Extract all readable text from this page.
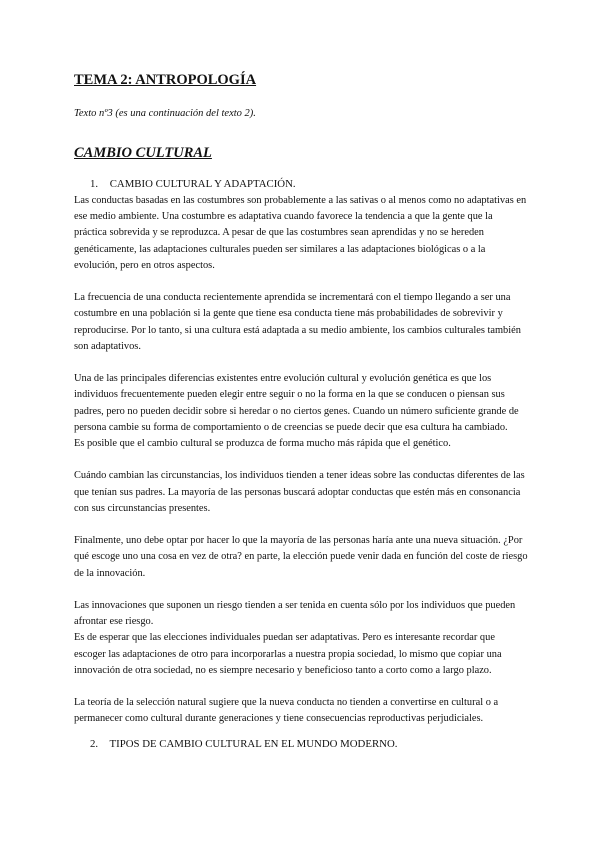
TEMA 2: ANTROPOLOGÍA
Texto nº3 (es una continuación del texto 2).
CAMBIO CULTURAL
1. CAMBIO CULTURAL Y ADAPTACIÓN.

Las conductas basadas en las costumbres son probablemente a las sativas o al menos como no adaptativas en ese medio ambiente. Una costumbre es adaptativa cuando favorece la tendencia a que la gente que la práctica sobrevida y se reproduzca. A pesar de que las costumbres sean aprendidas y no se hereden genéticamente, las adaptaciones culturales pueden ser similares a las adaptaciones biológicas o a la evolución, pero en otros aspectos.

La frecuencia de una conducta recientemente aprendida se incrementará con el tiempo llegando a ser una costumbre en una población si la gente que tiene esa conducta tiene más probabilidades de sobrevivir y reproducirse. Por lo tanto, si una cultura está adaptada a su medio ambiente, los cambios culturales también son adaptativos.

Una de las principales diferencias existentes entre evolución cultural y evolución genética es que los individuos frecuentemente pueden elegir entre seguir o no la forma en la que se conducen o piensan sus padres, pero no pueden decidir sobre si heredar o no ciertos genes. Cuando un número suficiente grande de persona cambie su forma de comportamiento o de creencias se puede decir que esa cultura ha cambiado.

Es posible que el cambio cultural se produzca de forma mucho más rápida que el genético.

Cuándo cambian las circunstancias, los individuos tienden a tener ideas sobre las conductas diferentes de las que tenían sus padres. La mayoría de las personas buscará adoptar conductas que estén más en consonancia con sus circunstancias presentes.

Finalmente, uno debe optar por hacer lo que la mayoría de las personas haría ante una nueva situación. ¿Por qué escoge uno una cosa en vez de otra? en parte, la elección puede venir dada en función del coste de riesgo de la innovación.

Las innovaciones que suponen un riesgo tienden a ser tenida en cuenta sólo por los individuos que pueden afrontar ese riesgo.

Es de esperar que las elecciones individuales puedan ser adaptativas. Pero es interesante recordar que escoger las adaptaciones de otro para incorporarlas a nuestra propia sociedad, lo mismo que copiar una innovación de otra sociedad, no es siempre necesario y beneficioso tanto a corto como a largo plazo.

La teoría de la selección natural sugiere que la nueva conducta no tienden a convertirse en cultural o a permanecer como cultural durante generaciones y tiene consecuencias reproductivas perjudiciales.

2. TIPOS DE CAMBIO CULTURAL EN EL MUNDO MODERNO.
